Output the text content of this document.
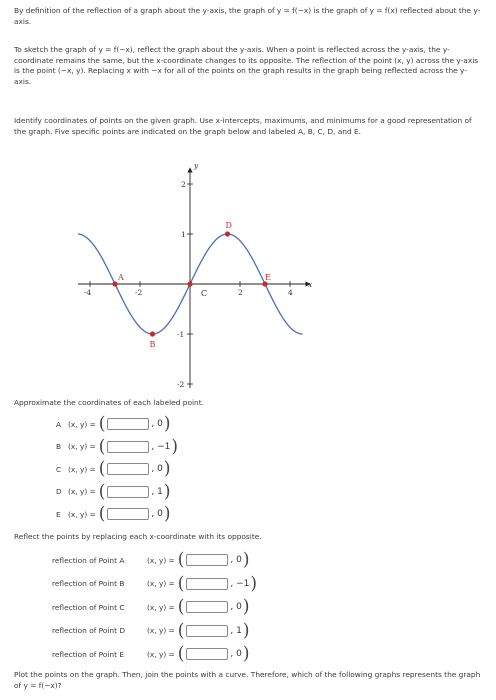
By definition of the reflection of a graph about the y-axis, the graph of y = f(−x) is the graph of y = f(x) reflected about the y-axis.
To sketch the graph of y = f(−x), reflect the graph about the y-axis. When a point is reflected across the y-axis, the y-coordinate remains the same, but the x-coordinate changes to its opposite. The reflection of the point (x, y) across the y-axis is the point (−x, y). Replacing x with −x for all of the points on the graph results in the graph being reflected across the y-axis.
Identify coordinates of points on the given graph. Use x-intercepts, maximums, and minimums for a good representation of the graph. Five specific points are indicated on the graph below and labeled A, B, C, D, and E.
y
x
-4	-2	2	4
2
1
-1
-2
A
B
C
D
E
Approximate the coordinates of each labeled point.
A (x, y) = (	, 0 )
B (x, y) = (	, −1 )
C (x, y) = (	, 0 )
D (x, y) = (	, 1 )
E (x, y) = (	, 0 )
Reflect the points by replacing each x-coordinate with its opposite.
reflection of Point A	(x, y) = (	, 0 )
reflection of Point B	(x, y) = (	, −1 )
reflection of Point C	(x, y) = (	, 0 )
reflection of Point D	(x, y) = (	, 1 )
reflection of Point E	(x, y) = (	, 0 )
Plot the points on the graph. Then, join the points with a curve. Therefore, which of the following graphs represents the graph of y = f(−x)?
